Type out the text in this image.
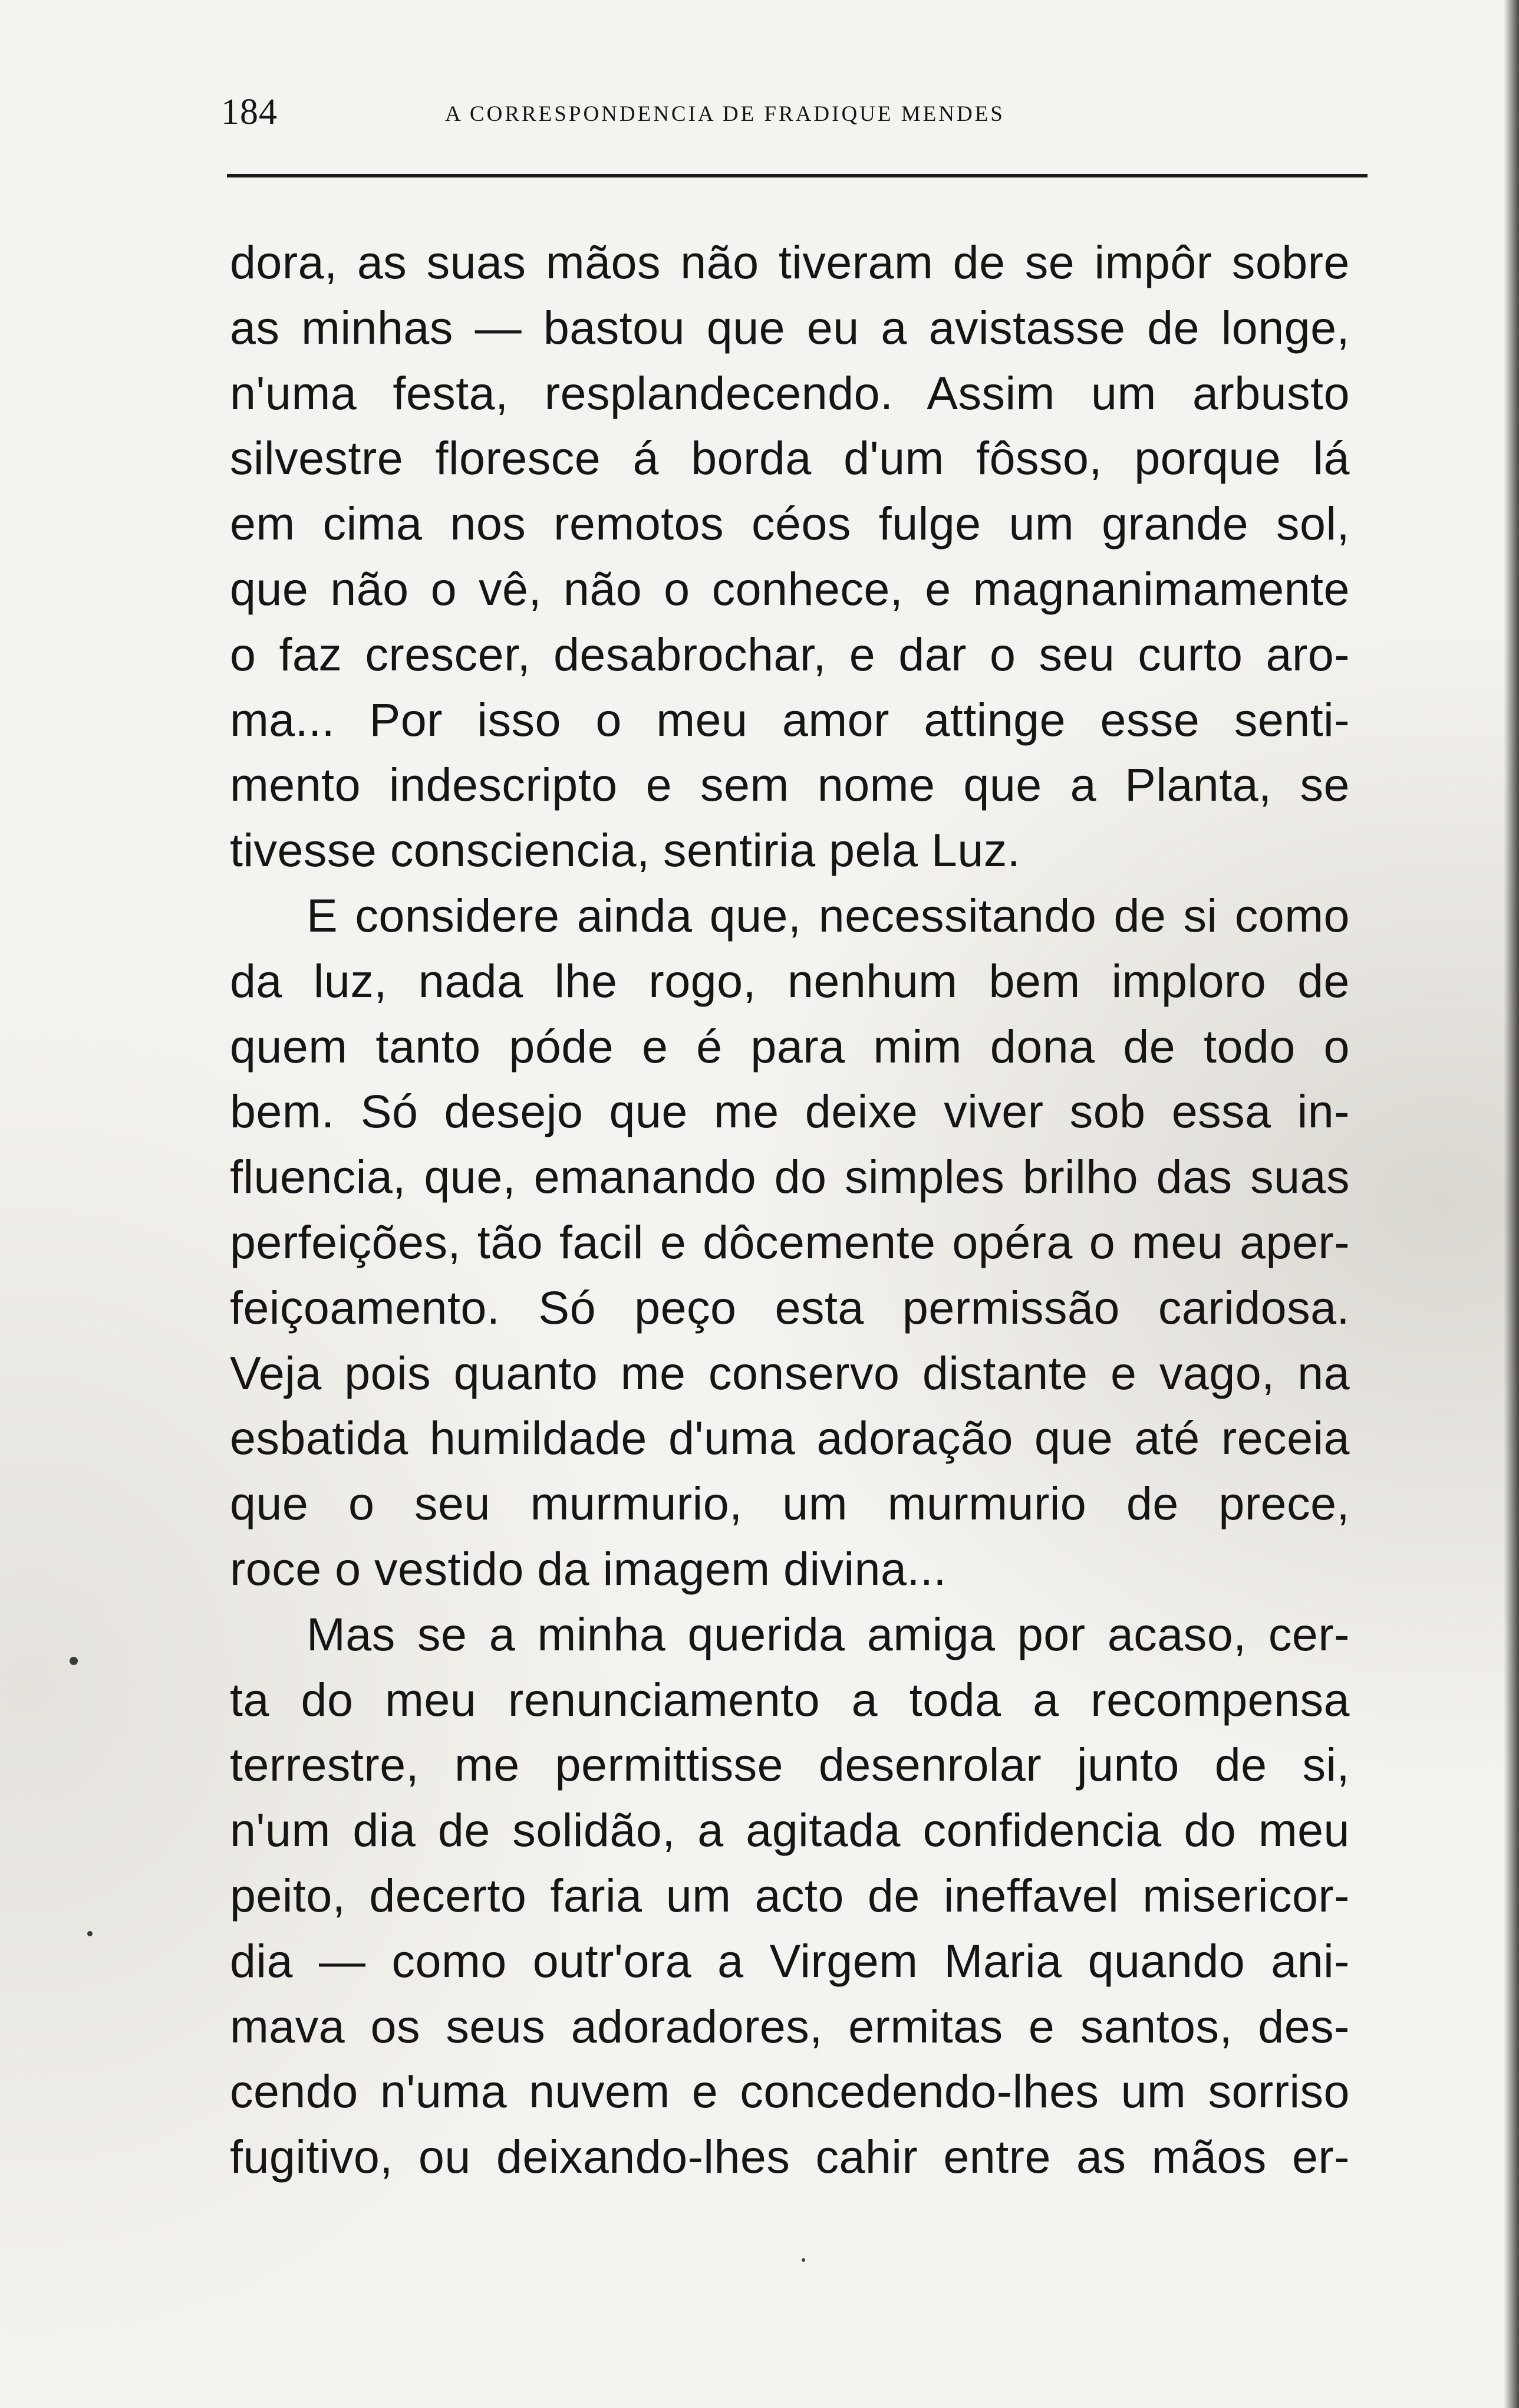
184	A CORRESPONDENCIA DE FRADIQUE MENDES
dora, as suas mãos não tiveram de se impôr sobre
as minhas — bastou que eu a avistasse de longe,
n'uma festa, resplandecendo. Assim um arbusto
silvestre floresce á borda d'um fôsso, porque lá
em cima nos remotos céos fulge um grande sol,
que não o vê, não o conhece, e magnanimamente
o faz crescer, desabrochar, e dar o seu curto aro-
ma... Por isso o meu amor attinge esse senti-
mento indescripto e sem nome que a Planta, se
tivesse consciencia, sentiria pela Luz.
E considere ainda que, necessitando de si como
da luz, nada lhe rogo, nenhum bem imploro de
quem tanto póde e é para mim dona de todo o
bem. Só desejo que me deixe viver sob essa in-
fluencia, que, emanando do simples brilho das suas
perfeições, tão facil e dôcemente opéra o meu aper-
feiçoamento. Só peço esta permissão caridosa.
Veja pois quanto me conservo distante e vago, na
esbatida humildade d'uma adoração que até receia
que o seu murmurio, um murmurio de prece,
roce o vestido da imagem divina...
Mas se a minha querida amiga por acaso, cer-
ta do meu renunciamento a toda a recompensa
terrestre, me permittisse desenrolar junto de si,
n'um dia de solidão, a agitada confidencia do meu
peito, decerto faria um acto de ineffavel misericor-
dia — como outr'ora a Virgem Maria quando ani-
mava os seus adoradores, ermitas e santos, des-
cendo n'uma nuvem e concedendo-lhes um sorriso
fugitivo, ou deixando-lhes cahir entre as mãos er-
